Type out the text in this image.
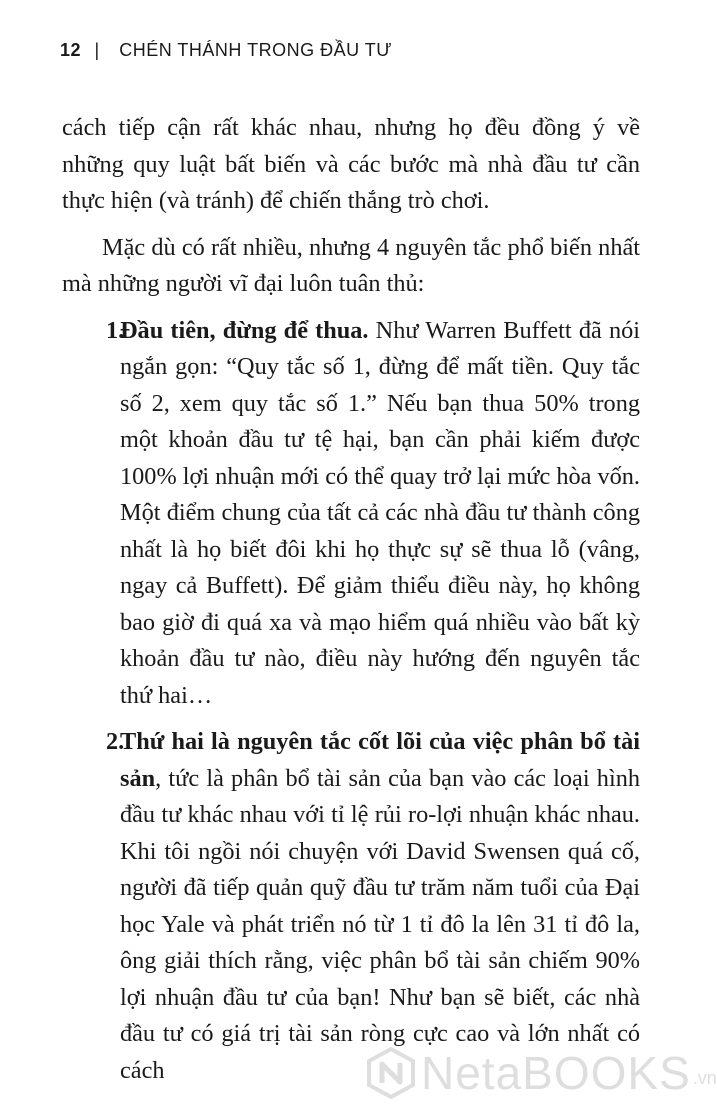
12 | CHÉN THÁNH TRONG ĐẦU TƯ

cách tiếp cận rất khác nhau, nhưng họ đều đồng ý về những quy luật bất biến và các bước mà nhà đầu tư cần thực hiện (và tránh) để chiến thắng trò chơi.

Mặc dù có rất nhiều, nhưng 4 nguyên tắc phổ biến nhất mà những người vĩ đại luôn tuân thủ:

1.
Đầu tiên, đừng để thua. Như Warren Buffett đã nói ngắn gọn: “Quy tắc số 1, đừng để mất tiền. Quy tắc số 2, xem quy tắc số 1.” Nếu bạn thua 50% trong một khoản đầu tư tệ hại, bạn cần phải kiếm được 100% lợi nhuận mới có thể quay trở lại mức hòa vốn. Một điểm chung của tất cả các nhà đầu tư thành công nhất là họ biết đôi khi họ thực sự sẽ thua lỗ (vâng, ngay cả Buffett). Để giảm thiểu điều này, họ không bao giờ đi quá xa và mạo hiểm quá nhiều vào bất kỳ khoản đầu tư nào, điều này hướng đến nguyên tắc thứ hai…
2.
Thứ hai là nguyên tắc cốt lõi của việc phân bổ tài sản, tức là phân bổ tài sản của bạn vào các loại hình đầu tư khác nhau với tỉ lệ rủi ro-lợi nhuận khác nhau. Khi tôi ngồi nói chuyện với David Swensen quá cố, người đã tiếp quản quỹ đầu tư trăm năm tuổi của Đại học Yale và phát triển nó từ 1 tỉ đô la lên 31 tỉ đô la, ông giải thích rằng, việc phân bổ tài sản chiếm 90% lợi nhuận đầu tư của bạn! Như bạn sẽ biết, các nhà đầu tư có giá trị tài sản ròng cực cao và lớn nhất có cách	NetaBOOKS .vn
